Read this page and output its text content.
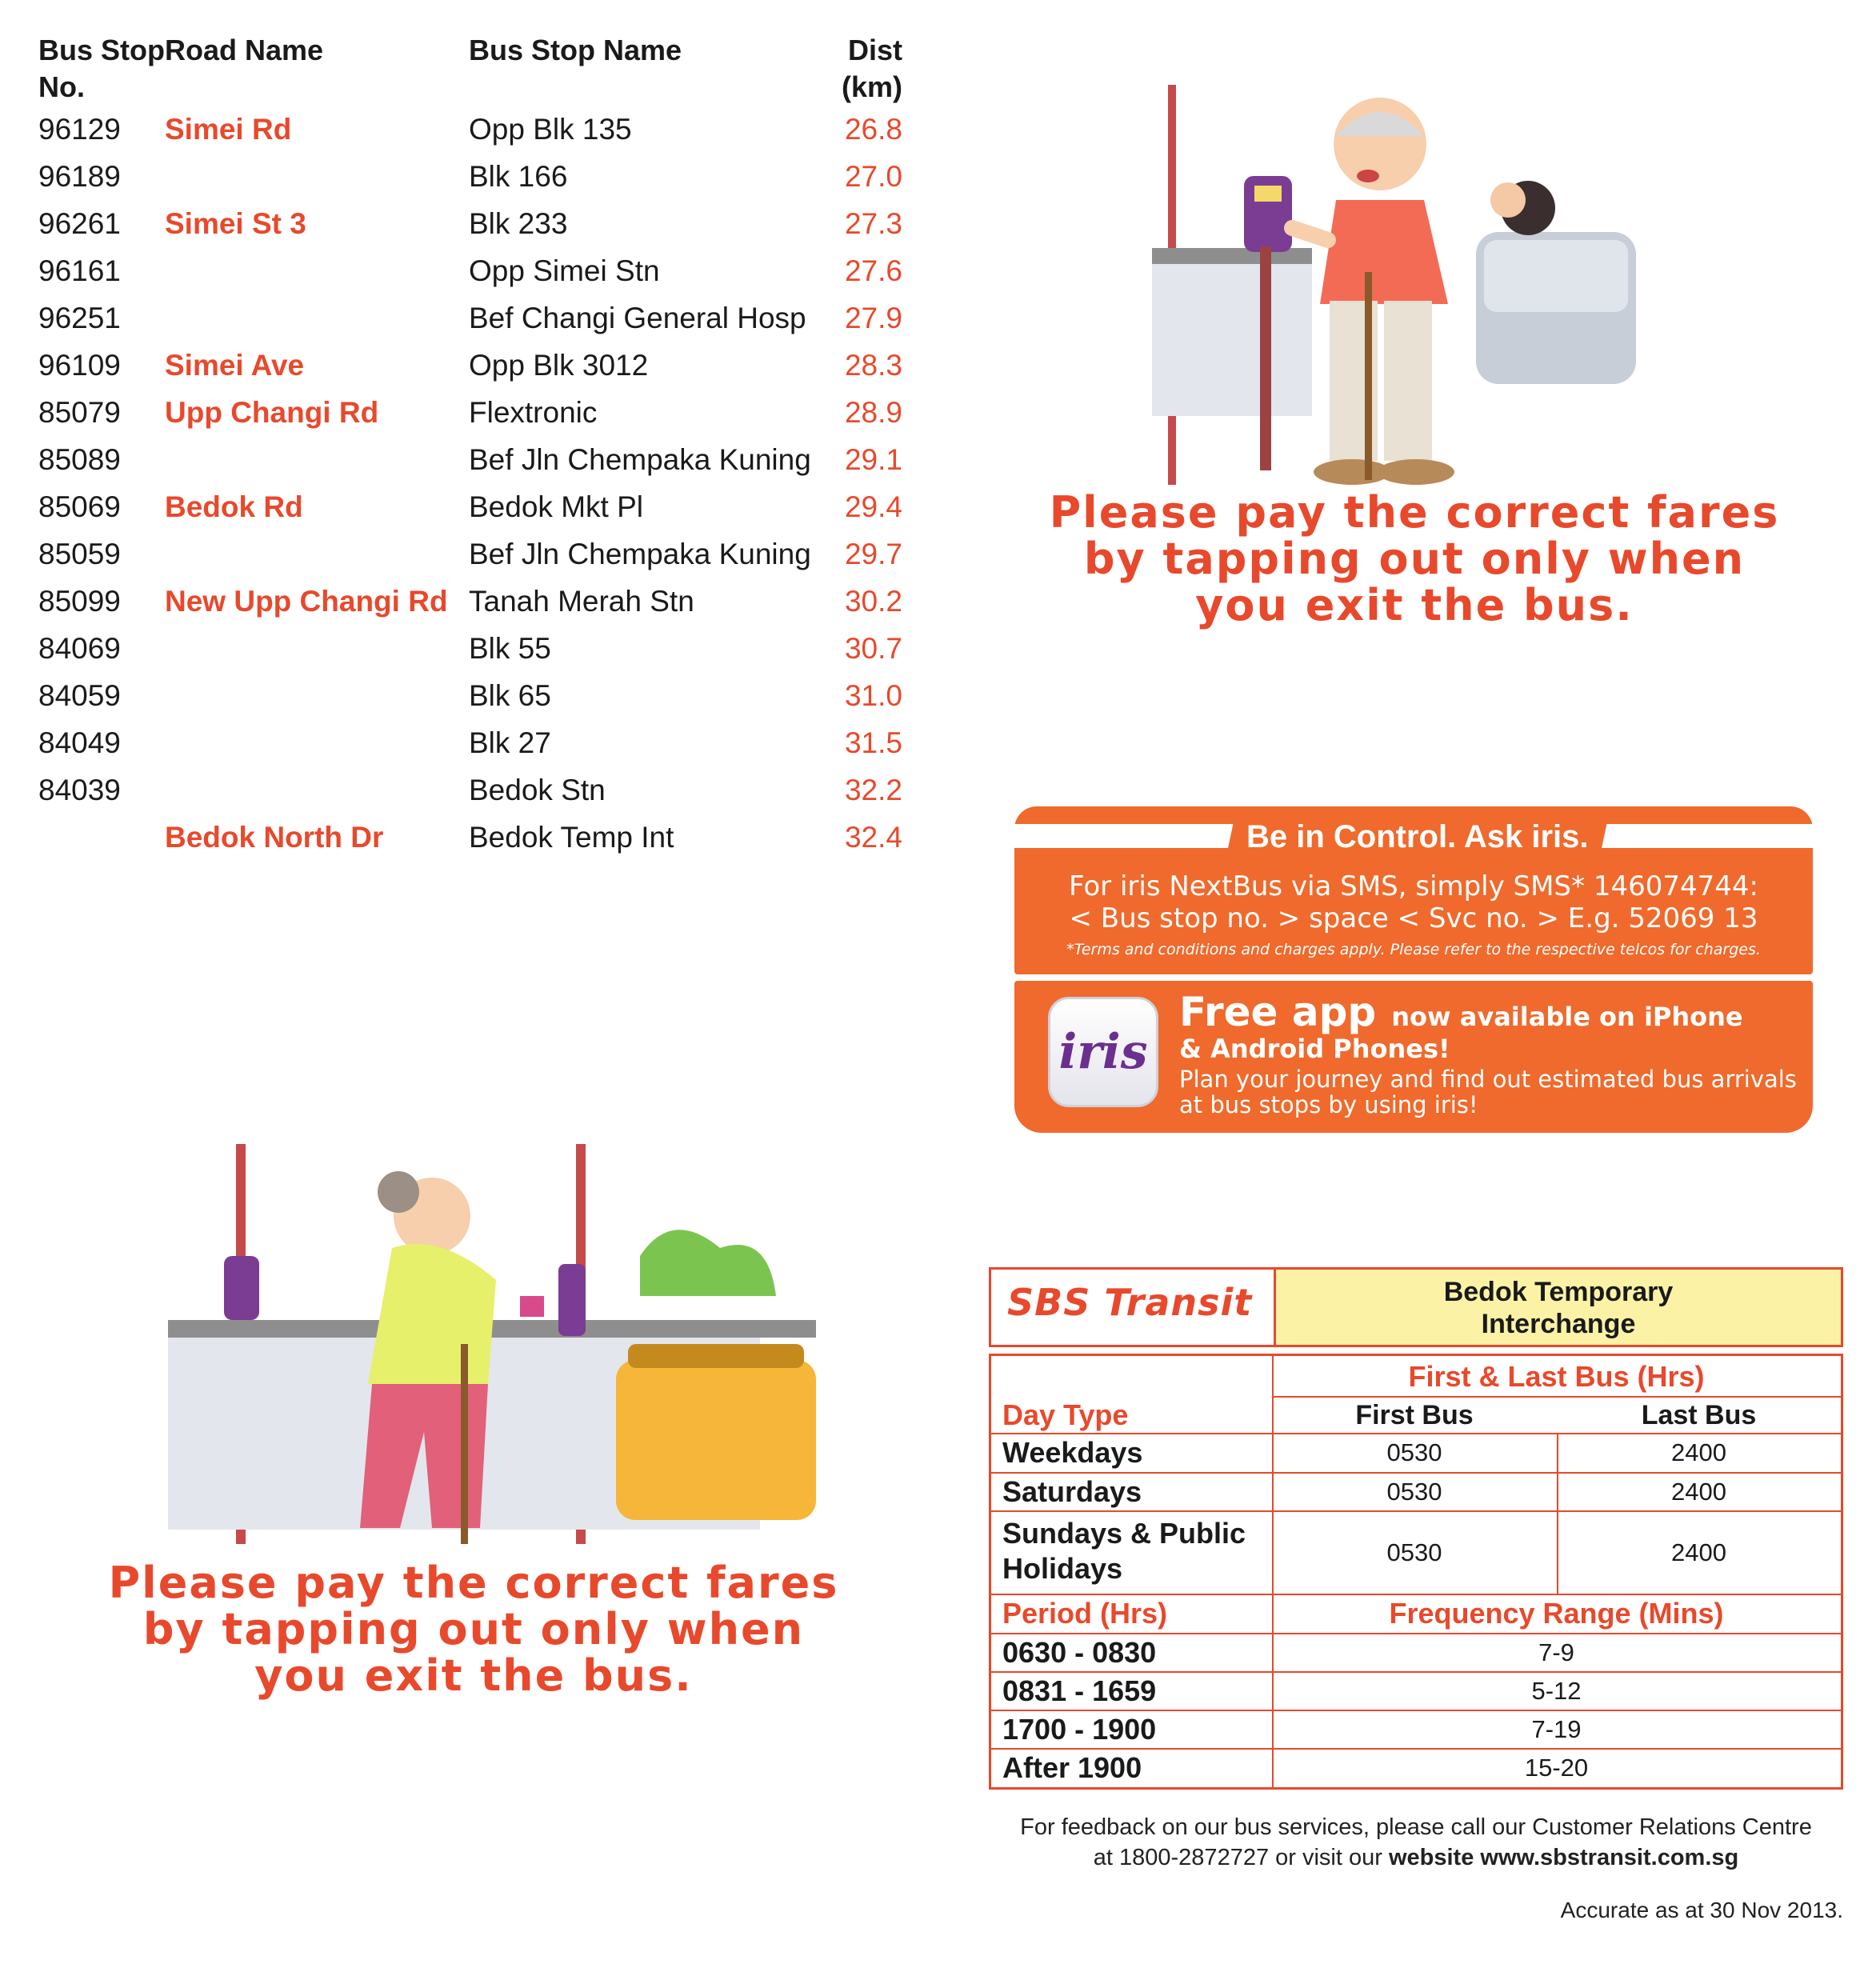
Bus Stop No.	Road Name	Bus Stop Name	Dist (km)
96129	Simei Rd	Opp Blk 135	26.8
96189		Blk 166	27.0
96261	Simei St 3	Blk 233	27.3
96161		Opp Simei Stn	27.6
96251		Bef Changi General Hosp	27.9
96109	Simei Ave	Opp Blk 3012	28.3
85079	Upp Changi Rd	Flextronic	28.9
85089		Bef Jln Chempaka Kuning	29.1
85069	Bedok Rd	Bedok Mkt Pl	29.4
85059		Bef Jln Chempaka Kuning	29.7
85099	New Upp Changi Rd	Tanah Merah Stn	30.2
84069		Blk 55	30.7
84059		Blk 65	31.0
84049		Blk 27	31.5
84039		Bedok Stn	32.2
	Bedok North Dr	Bedok Temp Int	32.4
Please pay the correct fares
by tapping out only when
you exit the bus.
Be in Control. Ask iris.
For iris NextBus via SMS, simply SMS* 146074744:
< Bus stop no. > space < Svc no. > E.g. 52069 13
*Terms and conditions and charges apply. Please refer to the respective telcos for charges.
iris
Free app now available on iPhone
& Android Phones!
Plan your journey and find out estimated bus arrivals
at bus stops by using iris!
Please pay the correct fares
by tapping out only when
you exit the bus.
SBS Transit	Bedok Temporary
Interchange
First & Last Bus (Hrs)
Day Type	First Bus	Last Bus
Weekdays	0530	2400
Saturdays	0530	2400
Sundays & Public
Holidays	0530	2400
Period (Hrs)	Frequency Range (Mins)
0630 - 0830	7-9
0831 - 1659	5-12
1700 - 1900	7-19
After 1900	15-20
For feedback on our bus services, please call our Customer Relations Centre
at 1800-2872727 or visit our website www.sbstransit.com.sg
Accurate as at 30 Nov 2013.
